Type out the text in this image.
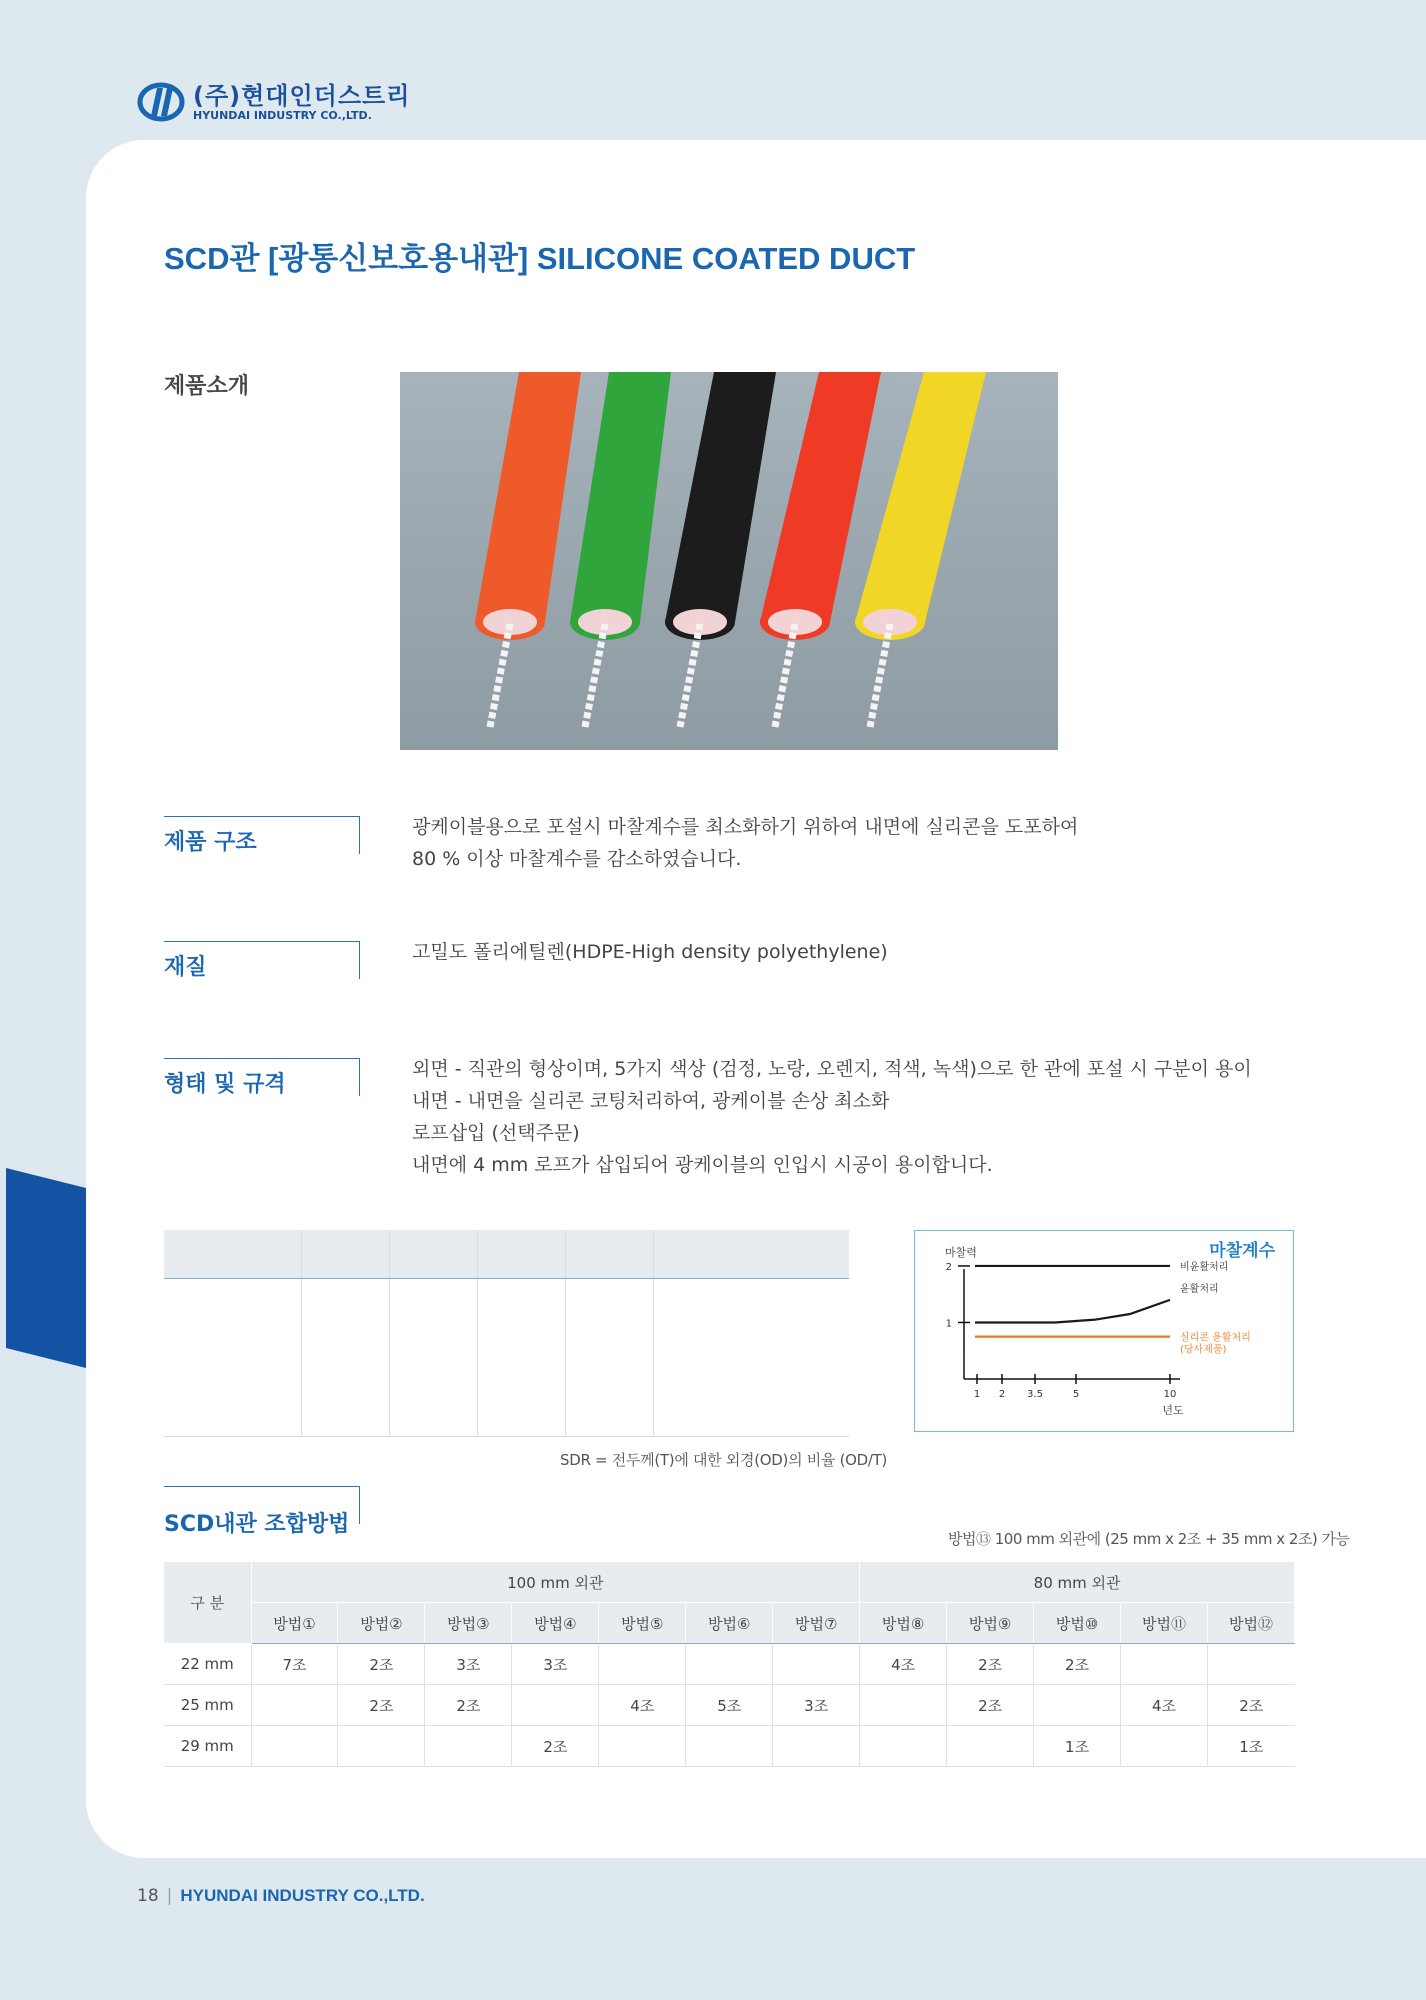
(주)현대인더스트리
HYUNDAI INDUSTRY CO.,LTD.
SCD관 [광통신보호용내관] SILICONE COATED DUCT
제품소개
제품 구조
광케이블용으로 포설시 마찰계수를 최소화하기 위하여 내면에 실리콘을 도포하여
80 % 이상 마찰계수를 감소하였습니다.
재질
고밀도 폴리에틸렌(HDPE-High density polyethylene)
형태 및 규격
외면 - 직관의 형상이며, 5가지 색상 (검정, 노랑, 오렌지, 적색, 녹색)으로 한 관에 포설 시 구분이 용이
내면 - 내면을 실리콘 코팅처리하여, 광케이블 손상 최소화
로프삽입 (선택주문)
내면에 4 mm 로프가 삽입되어 광케이블의 인입시 시공이 용이합니다.

SDR = 전두께(T)에 대한 외경(OD)의 비율 (OD/T)
마찰계수
마찰력
년도
1 2 3.5	5	10
1
2	비윤활처리
윤활처리
실리콘 윤활처리 (당사제품)
SCD내관 조합방법
방법⑬ 100 mm 외관에 (25 mm x 2조 + 35 mm x 2조) 가능
구 분	100 mm 외관							80 mm 외관				
	방법①	방법②	방법③	방법④	방법⑤	방법⑥	방법⑦	방법⑧	방법⑨	방법⑩	방법⑪	방법⑫
22 mm	7조	2조	3조	3조				4조	2조	2조		
25 mm		2조	2조		4조	5조	3조		2조		4조	2조
29 mm				2조						1조		1조
18 | HYUNDAI INDUSTRY CO.,LTD.
